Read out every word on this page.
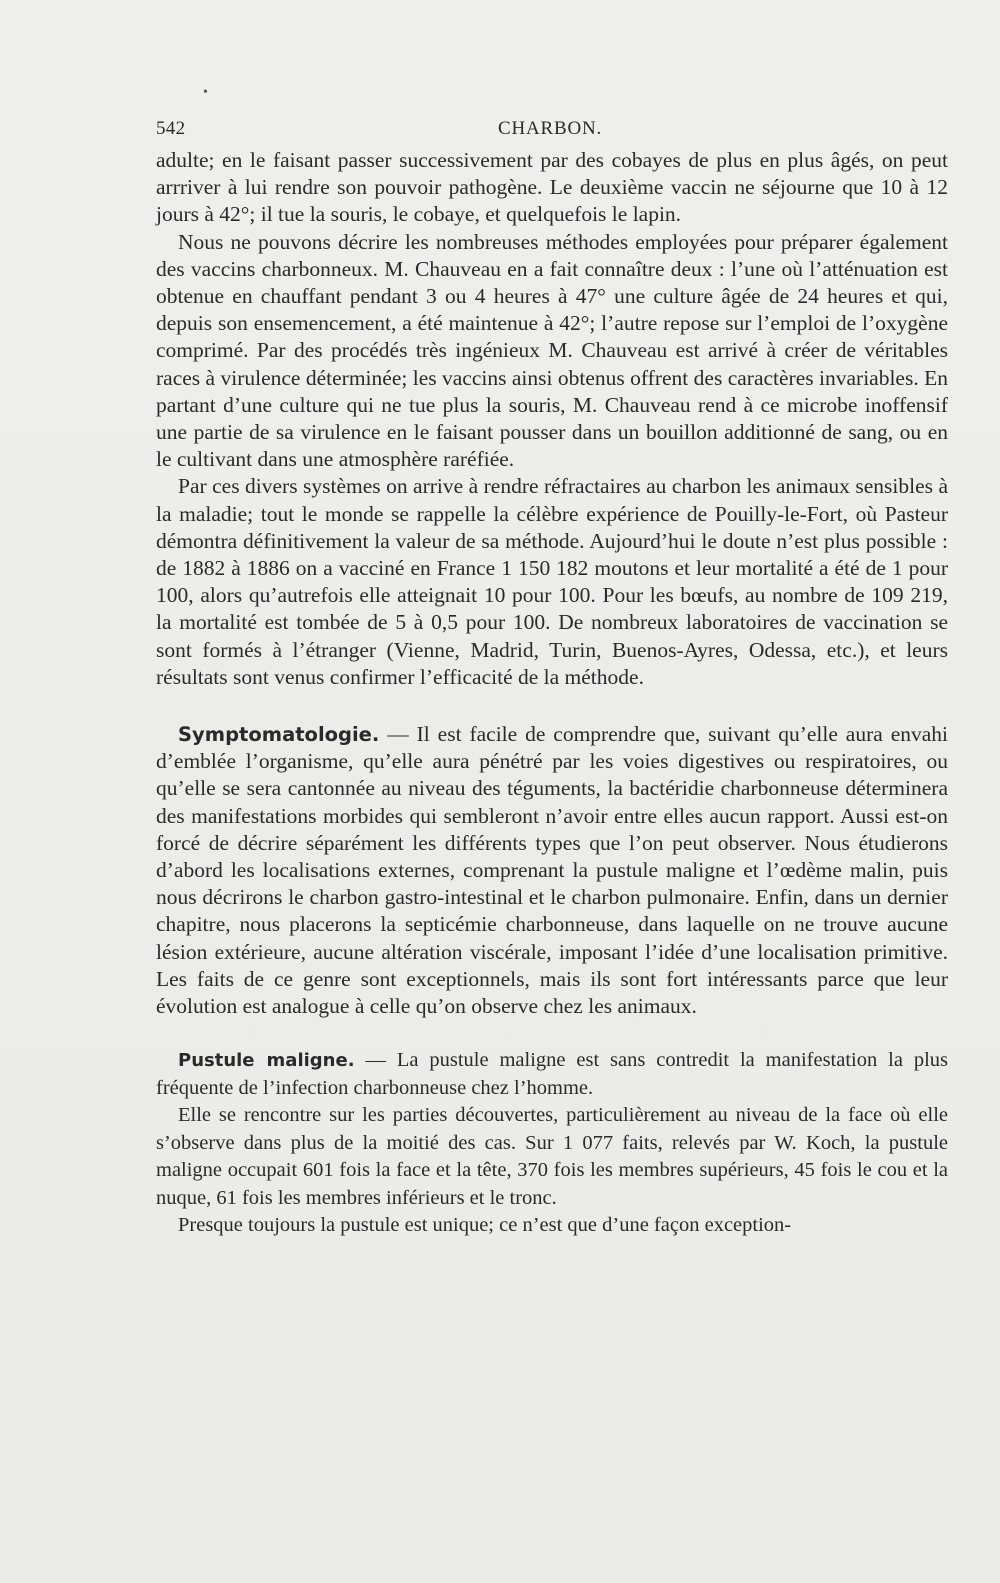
•
542	CHARBON.

adulte; en le faisant passer successivement par des cobayes de plus en plus âgés, on peut arrriver à lui rendre son pouvoir pathogène. Le deuxième vaccin ne séjourne que 10 à 12 jours à 42°; il tue la souris, le cobaye, et quelquefois le lapin.

Nous ne pouvons décrire les nombreuses méthodes employées pour préparer également des vaccins charbonneux. M. Chauveau en a fait connaître deux : l’une où l’atténuation est obtenue en chauffant pendant 3 ou 4 heures à 47° une culture âgée de 24 heures et qui, depuis son ensemencement, a été maintenue à 42°; l’autre repose sur l’emploi de l’oxygène comprimé. Par des procédés très ingénieux M. Chauveau est arrivé à créer de véritables races à virulence déterminée; les vaccins ainsi obtenus offrent des caractères invariables. En partant d’une culture qui ne tue plus la souris, M. Chauveau rend à ce microbe inoffensif une partie de sa virulence en le faisant pousser dans un bouillon additionné de sang, ou en le cultivant dans une atmosphère raréfiée.

Par ces divers systèmes on arrive à rendre réfractaires au charbon les animaux sensibles à la maladie; tout le monde se rappelle la célèbre expérience de Pouilly-le-Fort, où Pasteur démontra définitivement la valeur de sa méthode. Aujourd’hui le doute n’est plus possible : de 1882 à 1886 on a vacciné en France 1 150 182 moutons et leur mortalité a été de 1 pour 100, alors qu’autrefois elle atteignait 10 pour 100. Pour les bœufs, au nombre de 109 219, la mortalité est tombée de 5 à 0,5 pour 100. De nombreux laboratoires de vaccination se sont formés à l’étranger (Vienne, Madrid, Turin, Buenos-Ayres, Odessa, etc.), et leurs résultats sont venus confirmer l’efficacité de la méthode.

Symptomatologie. — Il est facile de comprendre que, suivant qu’elle aura envahi d’emblée l’organisme, qu’elle aura pénétré par les voies digestives ou respiratoires, ou qu’elle se sera cantonnée au niveau des téguments, la bactéridie charbonneuse déterminera des manifestations morbides qui sembleront n’avoir entre elles aucun rapport. Aussi est-on forcé de décrire séparément les différents types que l’on peut observer. Nous étudierons d’abord les localisations externes, comprenant la pustule maligne et l’œdème malin, puis nous décrirons le charbon gastro-intestinal et le charbon pulmonaire. Enfin, dans un dernier chapitre, nous placerons la septicémie charbonneuse, dans laquelle on ne trouve aucune lésion extérieure, aucune altération viscérale, imposant l’idée d’une localisation primitive. Les faits de ce genre sont exceptionnels, mais ils sont fort intéressants parce que leur évolution est analogue à celle qu’on observe chez les animaux.

Pustule maligne. — La pustule maligne est sans contredit la manifestation la plus fréquente de l’infection charbonneuse chez l’homme.

Elle se rencontre sur les parties découvertes, particulièrement au niveau de la face où elle s’observe dans plus de la moitié des cas. Sur 1 077 faits, relevés par W. Koch, la pustule maligne occupait 601 fois la face et la tête, 370 fois les membres supérieurs, 45 fois le cou et la nuque, 61 fois les membres inférieurs et le tronc.

Presque toujours la pustule est unique; ce n’est que d’une façon exception-
